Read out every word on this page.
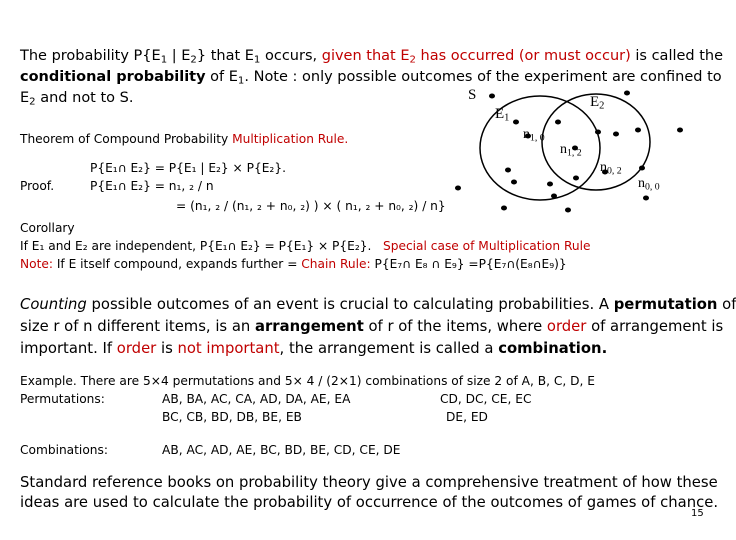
The probability $P\{E_1$ | $E_2$} that $E_1$ occurs, given that $E_2$ has occurred (or must occur) is called the
conditional probability of $E_1$. Note : only possible outcomes of the experiment are confined to
$E_2$ and not to S.
Theorem of Compound Probability Multiplication Rule.
Proof.
P{E₁∩ E₂} = P{E₁ | E₂} × P{E₂}.
P{E₁∩ E₂} = n₁, ₂ / n
= (n₁, ₂ / (n₁, ₂ + n₀, ₂) ) × ( n₁, ₂ + n₀, ₂) / n}
S
$E_1$
$E_2$
$n_{1, 0}$
$n_{1, 2}$
$n_{0, 2}$
$n_{0, 0}$
Corollary
If E₁ and E₂ are independent, P{E₁∩ E₂} = P{E₁} × P{E₂}. Special case of Multiplication Rule
Note: If E itself compound, expands further = Chain Rule: P{E₇∩ E₈ ∩ E₉} =P{E₇∩(E₈∩E₉)}
Counting possible outcomes of an event is crucial to calculating probabilities. A permutation of
size r of n different items, is an arrangement of r of the items, where order of arrangement is
important. If order is not important, the arrangement is called a combination.
Example. There are 5×4 permutations and 5× 4 / (2×1) combinations of size 2 of A, B, C, D, E
Permutations:	AB, BA, AC, CA, AD, DA, AE, EA	CD, DC, CE, EC
BC, CB, BD, DB, BE, EB	DE, ED
Combinations:	AB, AC, AD, AE, BC, BD, BE, CD, CE, DE
Standard reference books on probability theory give a comprehensive treatment of how these
ideas are used to calculate the probability of occurrence of the outcomes of games of chance.
15
